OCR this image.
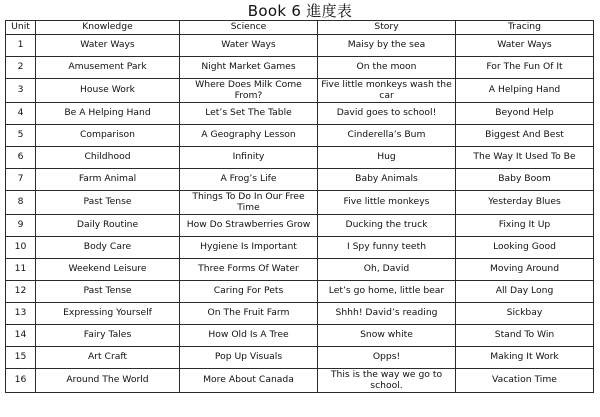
Book 6 進度表
Unit	Knowledge	Science	Story	Tracing
1	Water Ways	Water Ways	Maisy by the sea	Water Ways
2	Amusement Park	Night Market Games	On the moon	For The Fun Of It
3	House Work	Where Does Milk Come From?	Five little monkeys wash the car	A Helping Hand
4	Be A Helping Hand	Let’s Set The Table	David goes to school!	Beyond Help
5	Comparison	A Geography Lesson	Cinderella’s Bum	Biggest And Best
6	Childhood	Infinity	Hug	The Way It Used To Be
7	Farm Animal	A Frog’s Life	Baby Animals	Baby Boom
8	Past Tense	Things To Do In Our Free Time	Five little monkeys	Yesterday Blues
9	Daily Routine	How Do Strawberries Grow	Ducking the truck	Fixing It Up
10	Body Care	Hygiene Is Important	I Spy funny teeth	Looking Good
11	Weekend Leisure	Three Forms Of Water	Oh, David	Moving Around
12	Past Tense	Caring For Pets	Let’s go home, little bear	All Day Long
13	Expressing Yourself	On The Fruit Farm	Shhh! David’s reading	Sickbay
14	Fairy Tales	How Old Is A Tree	Snow white	Stand To Win
15	Art Craft	Pop Up Visuals	Opps!	Making It Work
16	Around The World	More About Canada	This is the way we go to school.	Vacation Time
